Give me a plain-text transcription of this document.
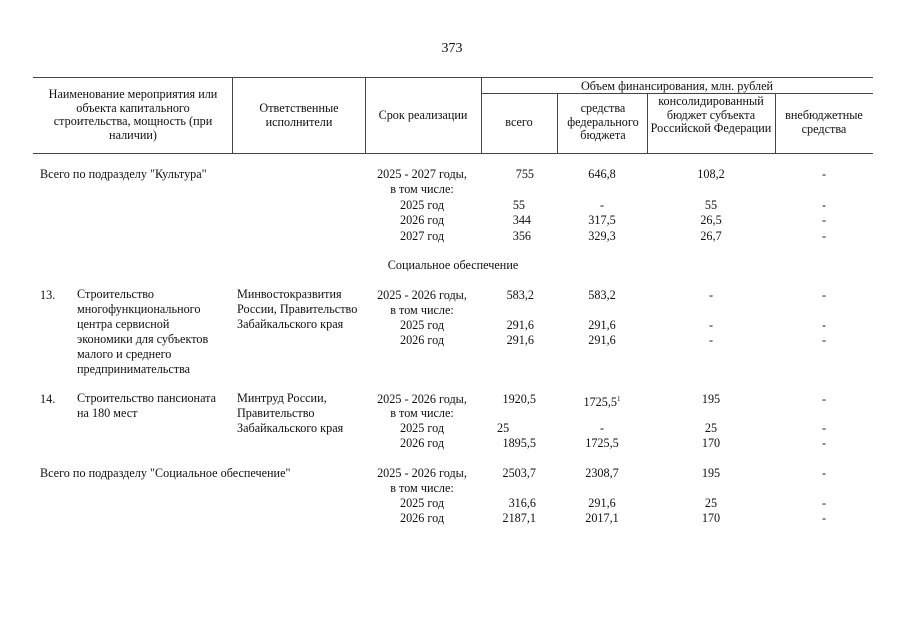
373
Наименование мероприятия или объекта капитального строительства, мощность (при наличии)
Ответственные исполнители	Срок реализации
Объем финансирования, млн. рублей
всего
средства федерального бюджета
консолидированный бюджет субъекта Российской Федерации
внебюджетные средства
Всего по подразделу "Культура"	2025 - 2027 годы,	755	646,8	108,2	-
в том числе:
2025 год	55	-	55	-
2026 год	344	317,5	26,5	-
2027 год	356	329,3	26,7	-
Социальное обеспечение
13. Строительство многофункционального центра сервисной экономики для субъектов малого и среднего предпринимательства
Минвостокразвития России, Правительство Забайкальского края
2025 - 2026 годы,	583,2	583,2	-	-
в том числе:
2025 год	291,6	291,6	-	-
2026 год	291,6	291,6	-	-
14. Строительство пансионата на 180 мест
Минтруд России, Правительство Забайкальского края
2025 - 2026 годы,	1920,5	1725,5$^1$	195	-
в том числе:
2025 год	25	-	25	-
2026 год	1895,5	1725,5	170	-
Всего по подразделу "Социальное обеспечение"	2025 - 2026 годы,	2503,7	2308,7	195	-
в том числе:
2025 год	316,6	291,6	25	-
2026 год	2187,1	2017,1	170	-
